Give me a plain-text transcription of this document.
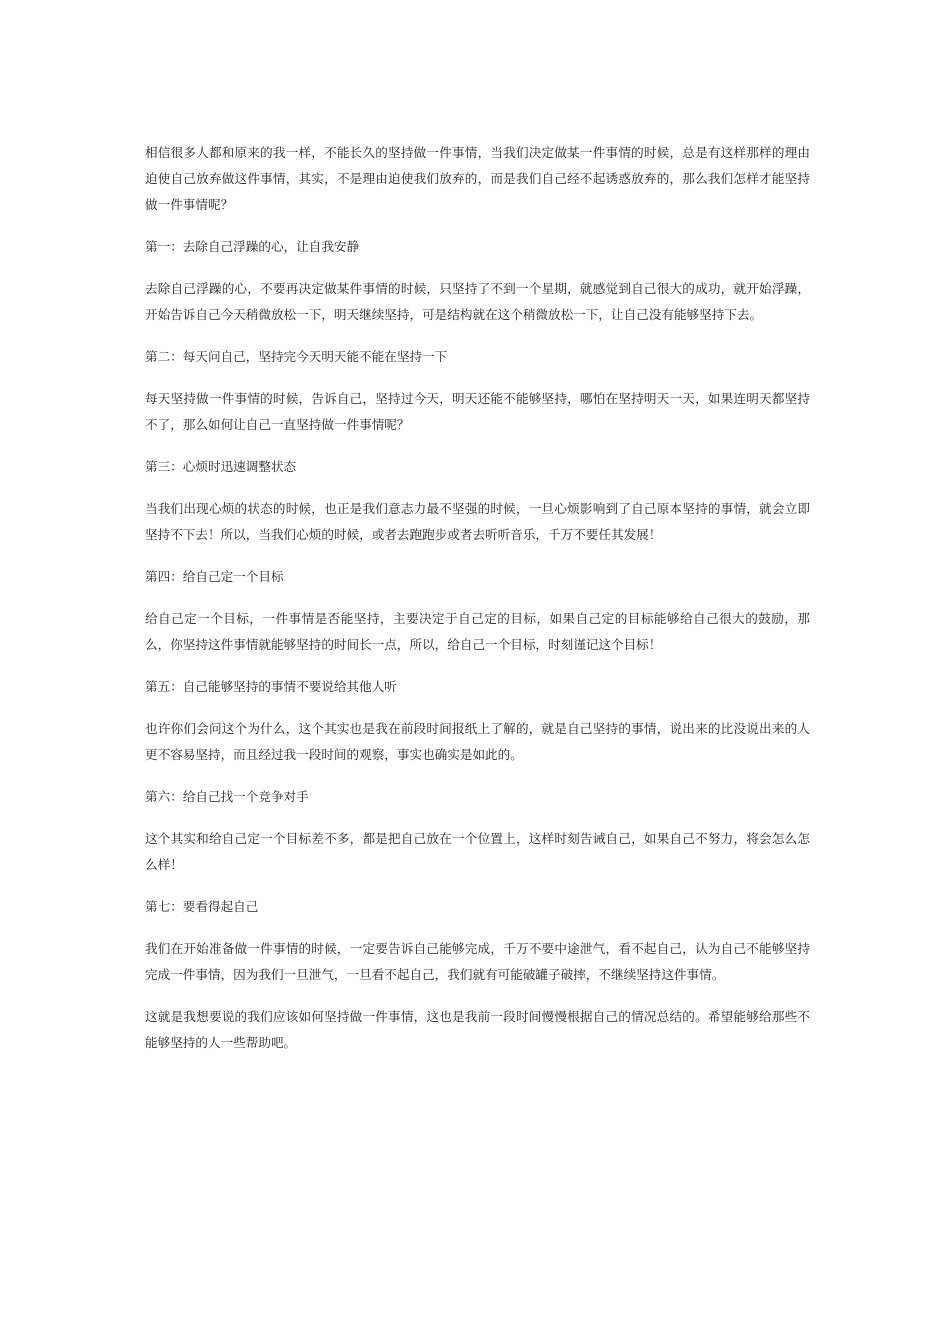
相信很多人都和原来的我一样，不能长久的坚持做一件事情，当我们决定做某一件事情的时候，总是有这样那样的理由迫使自己放弃做这件事情，其实，不是理由迫使我们放弃的，而是我们自己经不起诱惑放弃的，那么我们怎样才能坚持做一件事情呢？

第一：去除自己浮躁的心，让自我安静

去除自己浮躁的心，不要再决定做某件事情的时候，只坚持了不到一个星期，就感觉到自己很大的成功，就开始浮躁，开始告诉自己今天稍微放松一下，明天继续坚持，可是结构就在这个稍微放松一下，让自己没有能够坚持下去。

第二：每天问自己，坚持完今天明天能不能在坚持一下

每天坚持做一件事情的时候，告诉自己，坚持过今天，明天还能不能够坚持，哪怕在坚持明天一天，如果连明天都坚持不了，那么如何让自己一直坚持做一件事情呢？

第三：心烦时迅速调整状态

当我们出现心烦的状态的时候，也正是我们意志力最不坚强的时候，一旦心烦影响到了自己原本坚持的事情，就会立即坚持不下去！所以，当我们心烦的时候，或者去跑跑步或者去听听音乐，千万不要任其发展！

第四：给自己定一个目标

给自己定一个目标，一件事情是否能坚持，主要决定于自己定的目标，如果自己定的目标能够给自己很大的鼓励，那么，你坚持这件事情就能够坚持的时间长一点，所以，给自己一个目标，时刻谨记这个目标！

第五：自己能够坚持的事情不要说给其他人听

也许你们会问这个为什么，这个其实也是我在前段时间报纸上了解的，就是自己坚持的事情，说出来的比没说出来的人更不容易坚持，而且经过我一段时间的观察，事实也确实是如此的。

第六：给自己找一个竞争对手

这个其实和给自己定一个目标差不多，都是把自己放在一个位置上，这样时刻告诫自己，如果自己不努力，将会怎么怎么样！

第七：要看得起自己

我们在开始准备做一件事情的时候，一定要告诉自己能够完成，千万不要中途泄气，看不起自己，认为自己不能够坚持完成一件事情，因为我们一旦泄气，一旦看不起自己，我们就有可能破罐子破摔，不继续坚持这件事情。

这就是我想要说的我们应该如何坚持做一件事情，这也是我前一段时间慢慢根据自己的情况总结的。希望能够给那些不能够坚持的人一些帮助吧。
